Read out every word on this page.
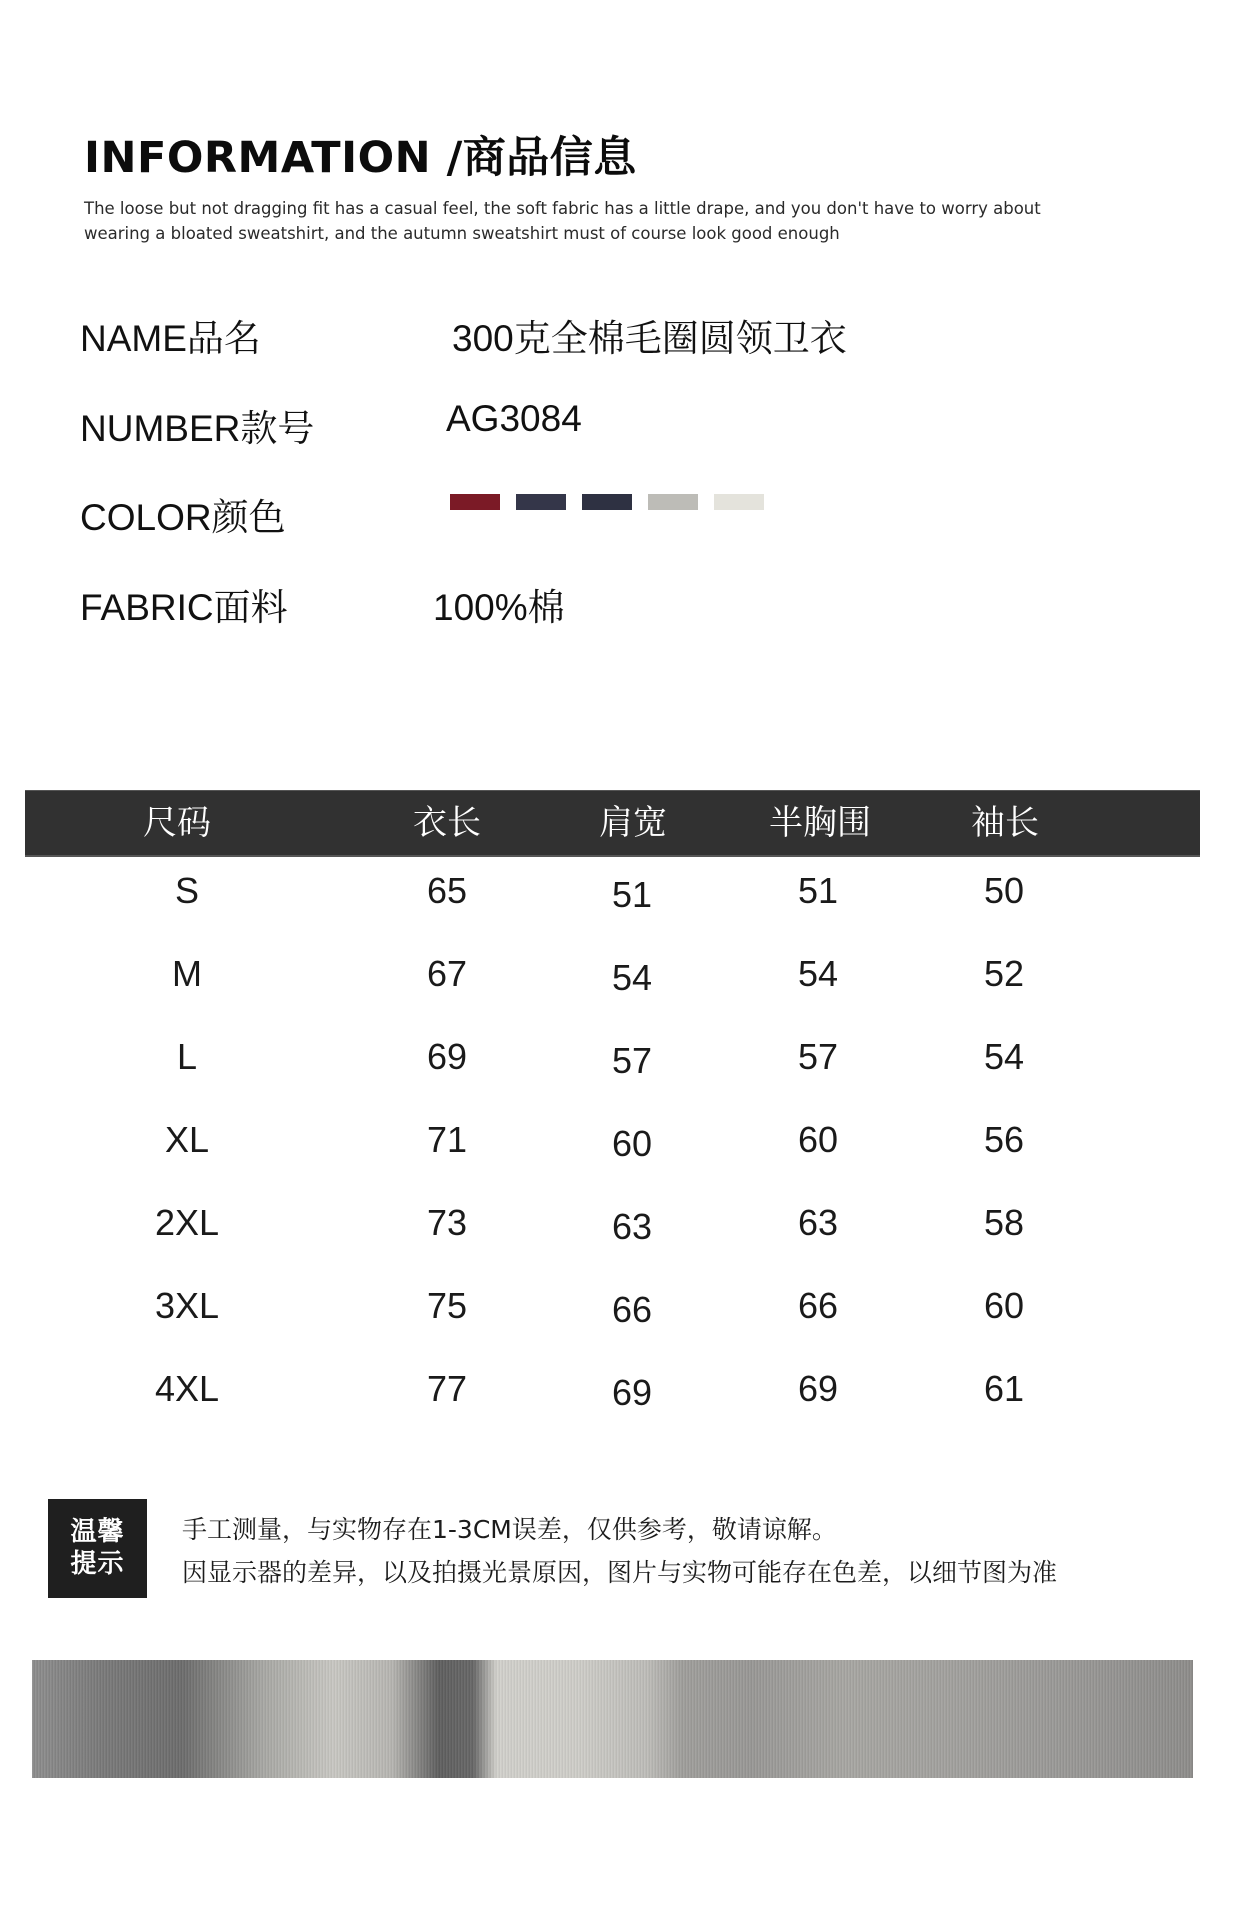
INFORMATION /商品信息
The loose but not dragging fit has a casual feel, the soft fabric has a little drape, and you don't have to worry about wearing a bloated sweatshirt, and the autumn sweatshirt must of course look good enough
NAME品名	300克全棉毛圈圆领卫衣
NUMBER款号	AG3084
COLOR颜色
FABRIC面料	100%棉
尺码	衣长	肩宽	半胸围	袖长
S	65	51	51	50
M	67	54	54	52
L	69	57	57	54
XL	71	60	60	56
2XL	73	63	63	58
3XL	75	66	66	60
4XL	77	69	69	61
温馨
提示
手工测量，与实物存在1-3CM误差，仅供参考，敬请谅解。
因显示器的差异，以及拍摄光景原因，图片与实物可能存在色差，以细节图为准
